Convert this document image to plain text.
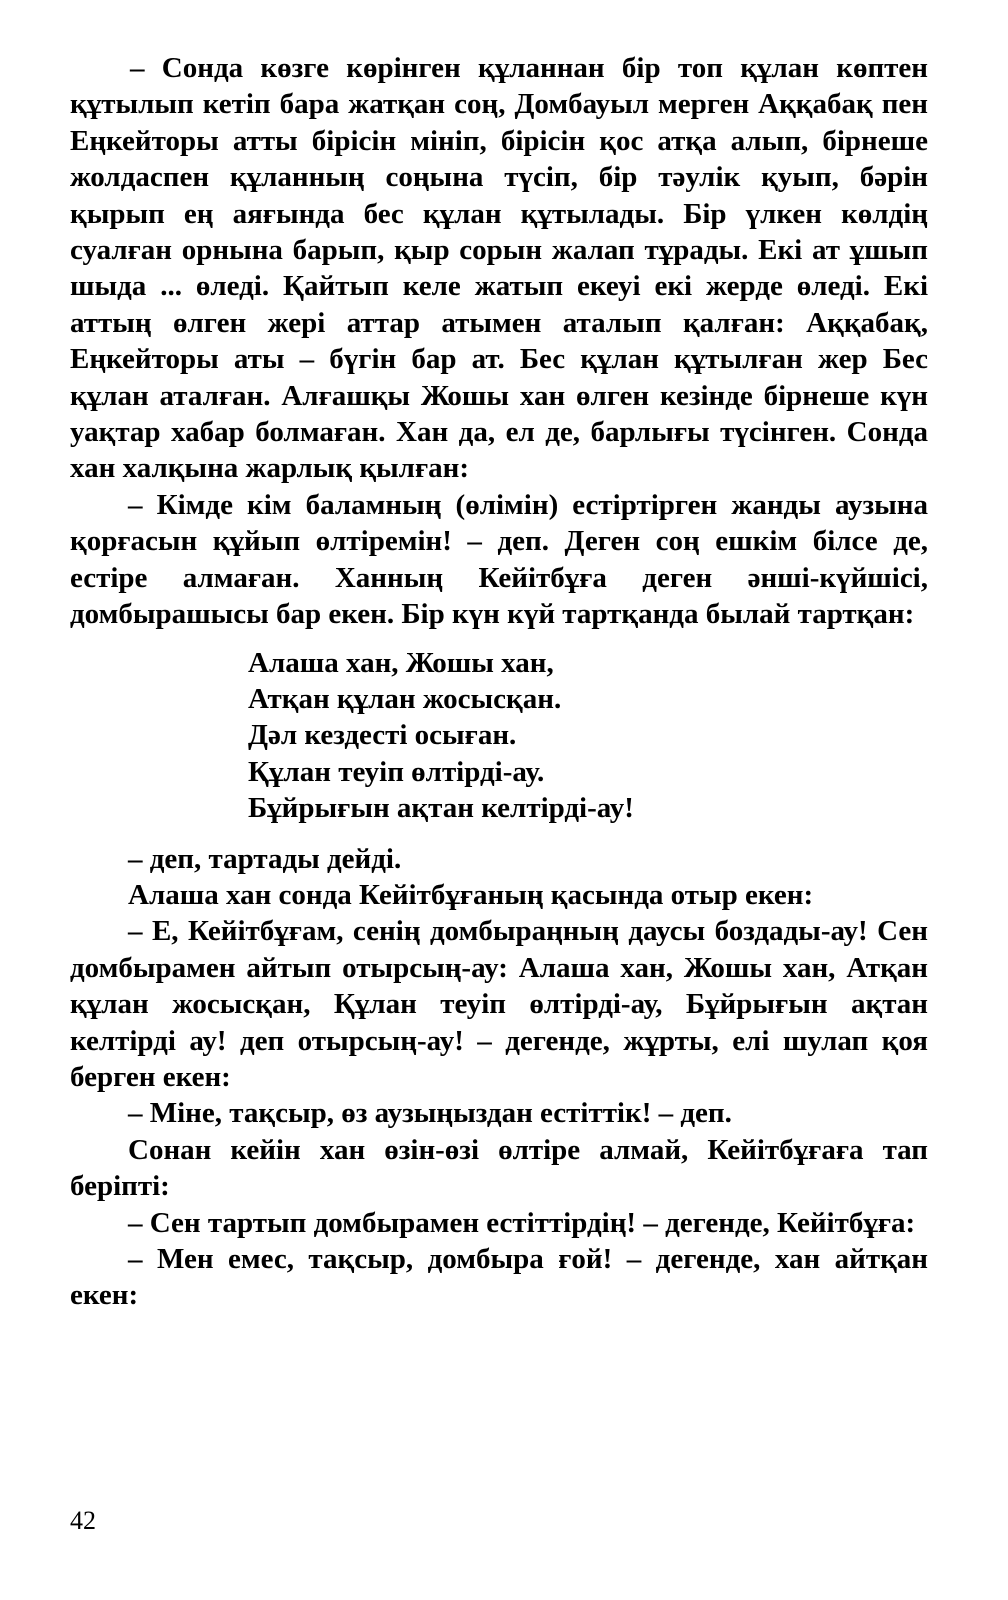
– Сонда көзге көрінген құланнан бір топ құлан көптен құтылып кетіп бара жатқан соң, Домбауыл мерген Аққабақ пен Еңкейторы атты бірісін мініп, бірісін қос атқа алып, бірнеше жолдаспен құланның соңына түсіп, бір тәулік қуып, бәрін қырып ең аяғында бес құлан құтылады. Бір үлкен көлдің суалған орнына барып, қыр сорын жалап тұрады. Екі ат ұшып шыда ... өледі. Қайтып келе жатып екеуі екі жерде өледі. Екі аттың өлген жері аттар атымен аталып қалған: Аққабақ, Еңкейторы аты – бүгін бар ат. Бес құлан құтылған жер Бес құлан аталған. Алғашқы Жошы хан өлген кезінде бірнеше күн уақтар хабар болмаған. Хан да, ел де, барлығы түсінген. Сонда хан халқына жарлық қылған:

– Кімде кім баламның (өлімін) естіртірген жанды аузына қорғасын құйып өлтіремін! – деп. Деген соң ешкім білсе де, естіре алмаған. Ханның Кейітбұға деген әнші-күйшісі, домбырашысы бар екен. Бір күн күй тартқанда былай тартқан:

Алаша хан, Жошы хан,
Атқан құлан жосысқан.
Дәл кездесті осыған.
Құлан теуіп өлтірді-ау.
Бұйрығын ақтан келтірді-ау!

– деп, тартады дейді.

Алаша хан сонда Кейітбұғаның қасында отыр екен:

– Е, Кейітбұғам, сенің домбыраңның даусы боздады-ау! Сен домбырамен айтып отырсың-ау: Алаша хан, Жошы хан, Атқан құлан жосысқан, Құлан теуіп өлтірді-ау, Бұйрығын ақтан келтірді ау! деп отырсың-ау! – дегенде, жұрты, елі шулап қоя берген екен:

– Міне, тақсыр, өз аузыңыздан естіттік! – деп.

Сонан кейін хан өзін-өзі өлтіре алмай, Кейітбұғаға тап беріпті:

– Сен тартып домбырамен естіттірдің! – дегенде, Кейітбұға:

– Мен емес, тақсыр, домбыра ғой! – дегенде, хан айтқан екен:

42
